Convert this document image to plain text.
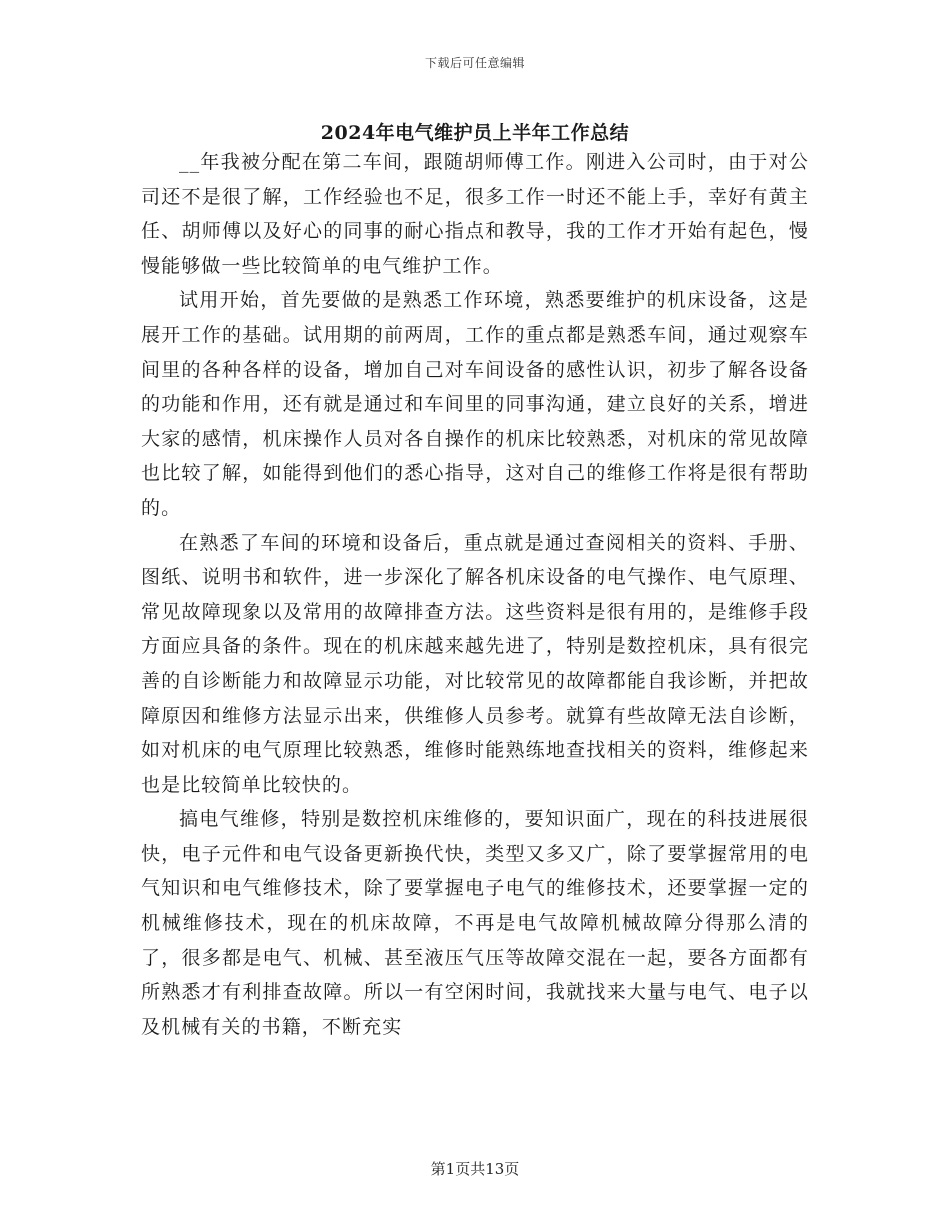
下载后可任意编辑
2024年电气维护员上半年工作总结

__年我被分配在第二车间，跟随胡师傅工作。刚进入公司时，由于对公司还不是很了解，工作经验也不足，很多工作一时还不能上手，幸好有黄主任、胡师傅以及好心的同事的耐心指点和教导，我的工作才开始有起色，慢慢能够做一些比较简单的电气维护工作。

试用开始，首先要做的是熟悉工作环境，熟悉要维护的机床设备，这是展开工作的基础。试用期的前两周，工作的重点都是熟悉车间，通过观察车间里的各种各样的设备，增加自己对车间设备的感性认识，初步了解各设备的功能和作用，还有就是通过和车间里的同事沟通，建立良好的关系，增进大家的感情，机床操作人员对各自操作的机床比较熟悉，对机床的常见故障也比较了解，如能得到他们的悉心指导，这对自己的维修工作将是很有帮助的。

在熟悉了车间的环境和设备后，重点就是通过查阅相关的资料、手册、图纸、说明书和软件，进一步深化了解各机床设备的电气操作、电气原理、常见故障现象以及常用的故障排查方法。这些资料是很有用的，是维修手段方面应具备的条件。现在的机床越来越先进了，特别是数控机床，具有很完善的自诊断能力和故障显示功能，对比较常见的故障都能自我诊断，并把故障原因和维修方法显示出来，供维修人员参考。就算有些故障无法自诊断，如对机床的电气原理比较熟悉，维修时能熟练地查找相关的资料，维修起来也是比较简单比较快的。

搞电气维修，特别是数控机床维修的，要知识面广，现在的科技进展很快，电子元件和电气设备更新换代快，类型又多又广，除了要掌握常用的电气知识和电气维修技术，除了要掌握电子电气的维修技术，还要掌握一定的机械维修技术，现在的机床故障，不再是电气故障机械故障分得那么清的了，很多都是电气、机械、甚至液压气压等故障交混在一起，要各方面都有所熟悉才有利排查故障。所以一有空闲时间，我就找来大量与电气、电子以及机械有关的书籍，不断充实

第1页共13页
